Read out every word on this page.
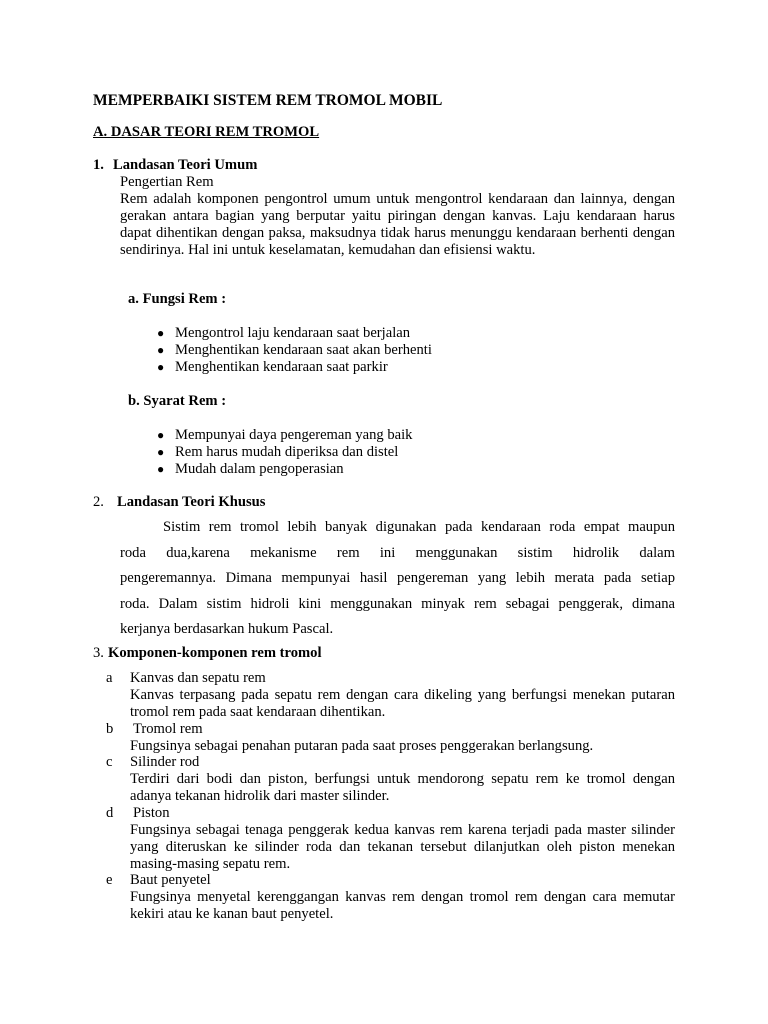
MEMPERBAIKI SISTEM REM TROMOL MOBIL
A. DASAR TEORI REM TROMOL
1. Landasan Teori Umum
Pengertian Rem
Rem adalah komponen pengontrol umum untuk mengontrol kendaraan dan lainnya, dengan gerakan antara bagian yang berputar yaitu piringan dengan kanvas. Laju kendaraan harus dapat dihentikan dengan paksa, maksudnya tidak harus menunggu kendaraan berhenti dengan sendirinya. Hal ini untuk keselamatan, kemudahan dan efisiensi waktu.
a. Fungsi Rem :
● Mengontrol laju kendaraan saat berjalan
● Menghentikan kendaraan saat akan berhenti
● Menghentikan kendaraan saat parkir
b. Syarat Rem :
● Mempunyai daya pengereman yang baik
● Rem harus mudah diperiksa dan distel
● Mudah dalam pengoperasian
2. Landasan Teori Khusus
Sistim rem tromol lebih banyak digunakan pada kendaraan roda empat maupun
roda dua,karena mekanisme rem ini menggunakan sistim hidrolik dalam
pengeremannya. Dimana mempunyai hasil pengereman yang lebih merata pada setiap
roda. Dalam sistim hidroli kini menggunakan minyak rem sebagai penggerak, dimana
kerjanya berdasarkan hukum Pascal.
3. Komponen-komponen rem tromol
a Kanvas dan sepatu rem
Kanvas terpasang pada sepatu rem dengan cara dikeling yang berfungsi menekan putaran tromol rem pada saat kendaraan dihentikan.
b Tromol rem
Fungsinya sebagai penahan putaran pada saat proses penggerakan berlangsung.
c Silinder rod
Terdiri dari bodi dan piston, berfungsi untuk mendorong sepatu rem ke tromol dengan adanya tekanan hidrolik dari master silinder.
d Piston
Fungsinya sebagai tenaga penggerak kedua kanvas rem karena terjadi pada master silinder yang diteruskan ke silinder roda dan tekanan tersebut dilanjutkan oleh piston menekan masing-masing sepatu rem.
e Baut penyetel
Fungsinya menyetal kerenggangan kanvas rem dengan tromol rem dengan cara memutar kekiri atau ke kanan baut penyetel.
